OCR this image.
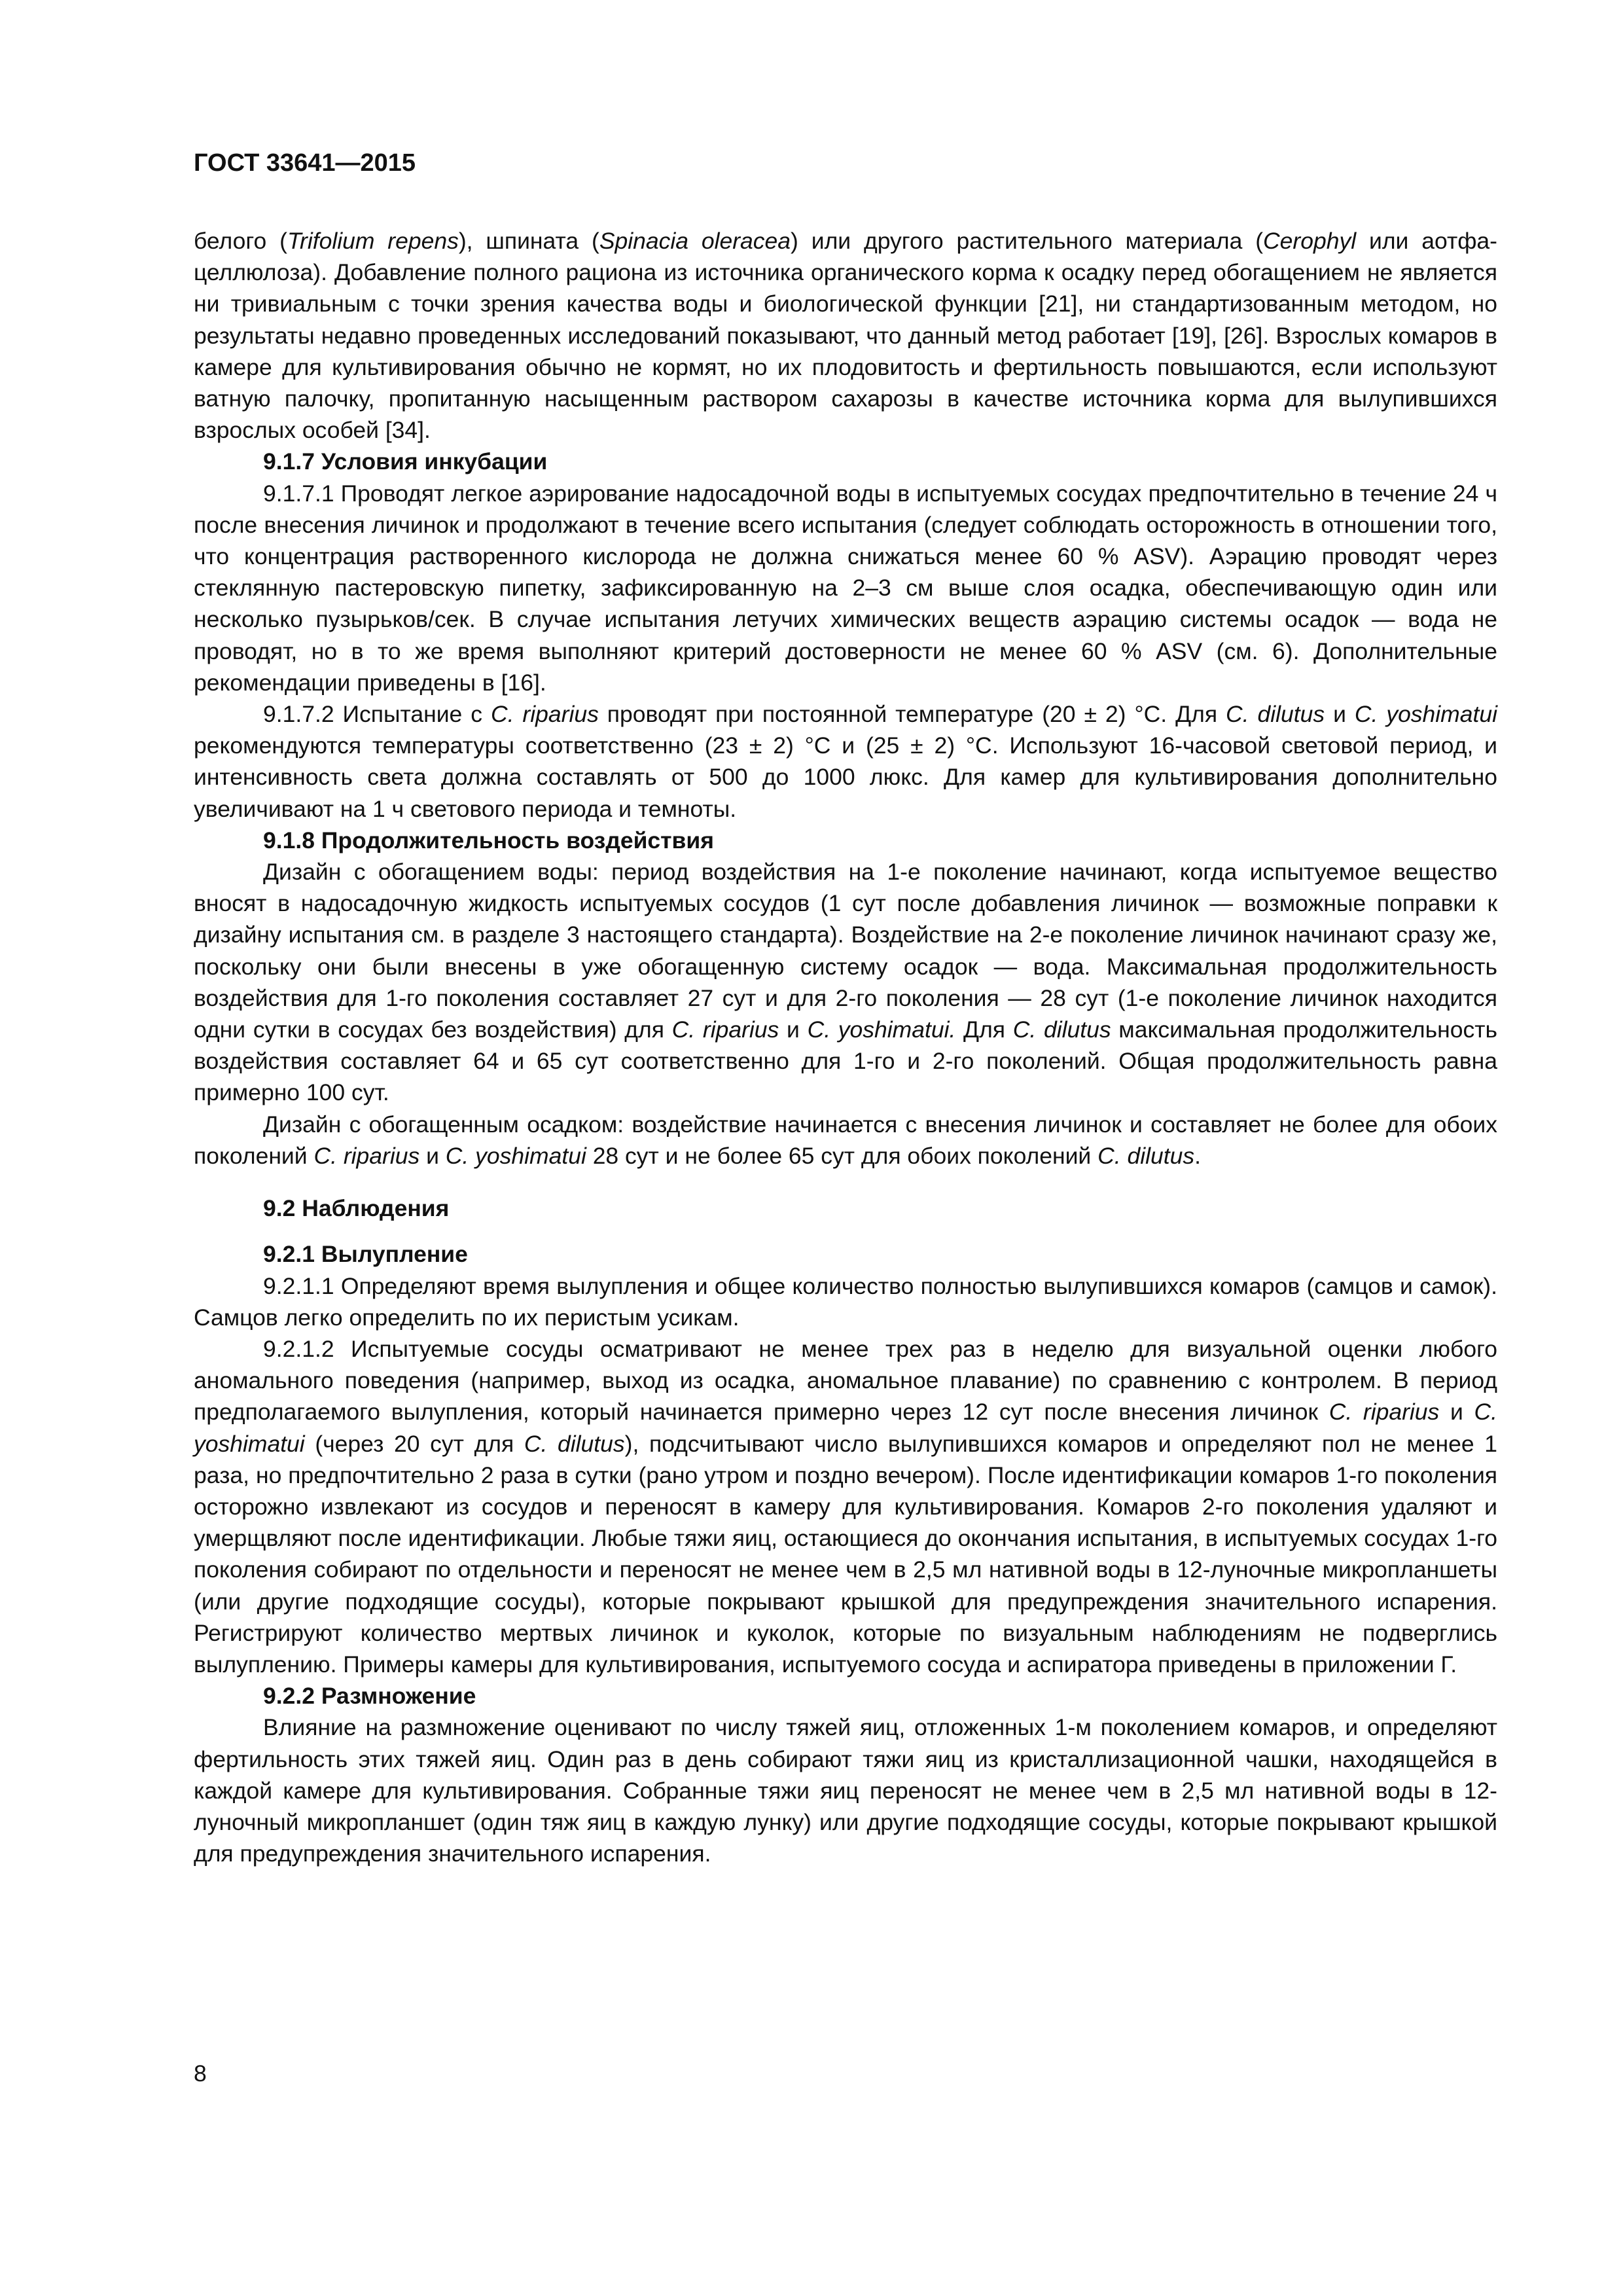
ГОСТ 33641—2015

белого (Trifolium repens), шпината (Spinacia oleracea) или другого растительного материала (Cerophyl или аотфа-целлюлоза). Добавление полного рациона из источника органического корма к осадку перед обогащением не является ни тривиальным с точки зрения качества воды и биологической функции [21], ни стандартизованным методом, но результаты недавно проведенных исследований показывают, что данный метод работает [19], [26]. Взрослых комаров в камере для культивирования обычно не кормят, но их плодовитость и фертильность повышаются, если используют ватную палочку, пропитанную насыщенным раствором сахарозы в качестве источника корма для вылупившихся взрослых особей [34].

9.1.7 Условия инкубации

9.1.7.1 Проводят легкое аэрирование надосадочной воды в испытуемых сосудах предпочтительно в течение 24 ч после внесения личинок и продолжают в течение всего испытания (следует соблюдать осторожность в отношении того, что концентрация растворенного кислорода не должна снижаться менее 60 % ASV). Аэрацию проводят через стеклянную пастеровскую пипетку, зафиксированную на 2–3 см выше слоя осадка, обеспечивающую один или несколько пузырьков/сек. В случае испытания летучих химических веществ аэрацию системы осадок — вода не проводят, но в то же время выполняют критерий достоверности не менее 60 % ASV (см. 6). Дополнительные рекомендации приведены в [16].

9.1.7.2 Испытание с C. riparius проводят при постоянной температуре (20 ± 2) °С. Для C. dilutus и C. yoshimatui рекомендуются температуры соответственно (23 ± 2) °С и (25 ± 2) °С. Используют 16-часовой световой период, и интенсивность света должна составлять от 500 до 1000 люкс. Для камер для культивирования дополнительно увеличивают на 1 ч светового периода и темноты.

9.1.8 Продолжительность воздействия

Дизайн с обогащением воды: период воздействия на 1-е поколение начинают, когда испытуемое вещество вносят в надосадочную жидкость испытуемых сосудов (1 сут после добавления личинок — возможные поправки к дизайну испытания см. в разделе 3 настоящего стандарта). Воздействие на 2-е поколение личинок начинают сразу же, поскольку они были внесены в уже обогащенную систему осадок — вода. Максимальная продолжительность воздействия для 1-го поколения составляет 27 сут и для 2-го поколения — 28 сут (1-е поколение личинок находится одни сутки в сосудах без воздействия) для C. riparius и C. yoshimatui. Для C. dilutus максимальная продолжительность воздействия составляет 64 и 65 сут соответственно для 1-го и 2-го поколений. Общая продолжительность равна примерно 100 сут.

Дизайн с обогащенным осадком: воздействие начинается с внесения личинок и составляет не более для обоих поколений C. riparius и C. yoshimatui 28 сут и не более 65 сут для обоих поколений C. dilutus.

9.2 Наблюдения
9.2.1 Вылупление

9.2.1.1 Определяют время вылупления и общее количество полностью вылупившихся комаров (самцов и самок). Самцов легко определить по их перистым усикам.

9.2.1.2 Испытуемые сосуды осматривают не менее трех раз в неделю для визуальной оценки любого аномального поведения (например, выход из осадка, аномальное плавание) по сравнению с контролем. В период предполагаемого вылупления, который начинается примерно через 12 сут после внесения личинок C. riparius и C. yoshimatui (через 20 сут для C. dilutus), подсчитывают число вылупившихся комаров и определяют пол не менее 1 раза, но предпочтительно 2 раза в сутки (рано утром и поздно вечером). После идентификации комаров 1-го поколения осторожно извлекают из сосудов и переносят в камеру для культивирования. Комаров 2-го поколения удаляют и умерщвляют после идентификации. Любые тяжи яиц, остающиеся до окончания испытания, в испытуемых сосудах 1-го поколения собирают по отдельности и переносят не менее чем в 2,5 мл нативной воды в 12-луночные микропланшеты (или другие подходящие сосуды), которые покрывают крышкой для предупреждения значительного испарения. Регистрируют количество мертвых личинок и куколок, которые по визуальным наблюдениям не подверглись вылуплению. Примеры камеры для культивирования, испытуемого сосуда и аспиратора приведены в приложении Г.

9.2.2 Размножение

Влияние на размножение оценивают по числу тяжей яиц, отложенных 1-м поколением комаров, и определяют фертильность этих тяжей яиц. Один раз в день собирают тяжи яиц из кристаллизационной чашки, находящейся в каждой камере для культивирования. Собранные тяжи яиц переносят не менее чем в 2,5 мл нативной воды в 12-луночный микропланшет (один тяж яиц в каждую лунку) или другие подходящие сосуды, которые покрывают крышкой для предупреждения значительного испарения.

8
